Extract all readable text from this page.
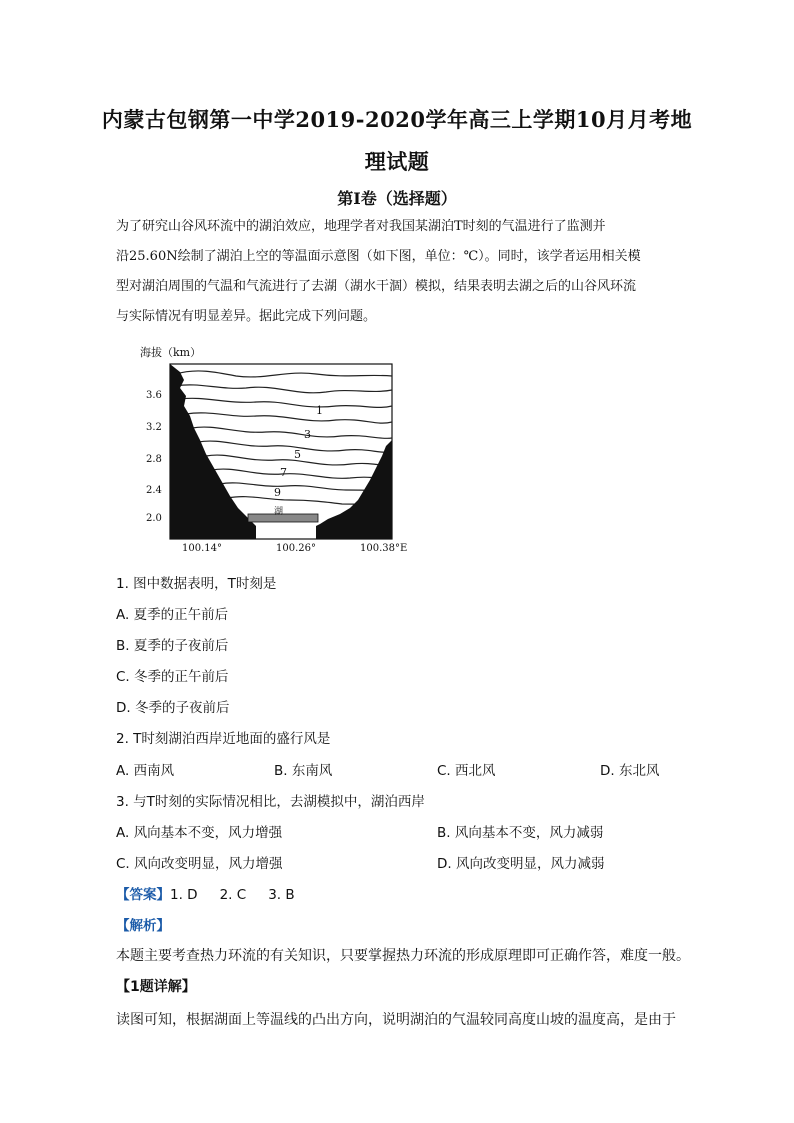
内蒙古包钢第一中学2019-2020学年高三上学期10月月考地
理试题
第I卷（选择题）
为了研究山谷风环流中的湖泊效应，地理学者对我国某湖泊T时刻的气温进行了监测并
沿25.60N绘制了湖泊上空的等温面示意图（如下图，单位：℃）。同时，该学者运用相关模
型对湖泊周围的气温和气流进行了去湖（湖水干涸）模拟，结果表明去湖之后的山谷风环流
与实际情况有明显差异。据此完成下列问题。
海拔（km）
3.6
3.2
2.8
2.4
2.0
1
3
5
7
9
湖
100.14°	100.26°	100.38°E
1. 图中数据表明，T时刻是
A. 夏季的正午前后
B. 夏季的子夜前后
C. 冬季的正午前后
D. 冬季的子夜前后
2. T时刻湖泊西岸近地面的盛行风是
A. 西南风	B. 东南风	C. 西北风	D. 东北风
3. 与T时刻的实际情况相比，去湖模拟中，湖泊西岸
A. 风向基本不变，风力增强	B. 风向基本不变，风力减弱
C. 风向改变明显，风力增强	D. 风向改变明显，风力减弱
【答案】1. D 2. C 3. B
【解析】
本题主要考查热力环流的有关知识，只要掌握热力环流的形成原理即可正确作答，难度一般。
【1题详解】
读图可知，根据湖面上等温线的凸出方向，说明湖泊的气温较同高度山坡的温度高，是由于
